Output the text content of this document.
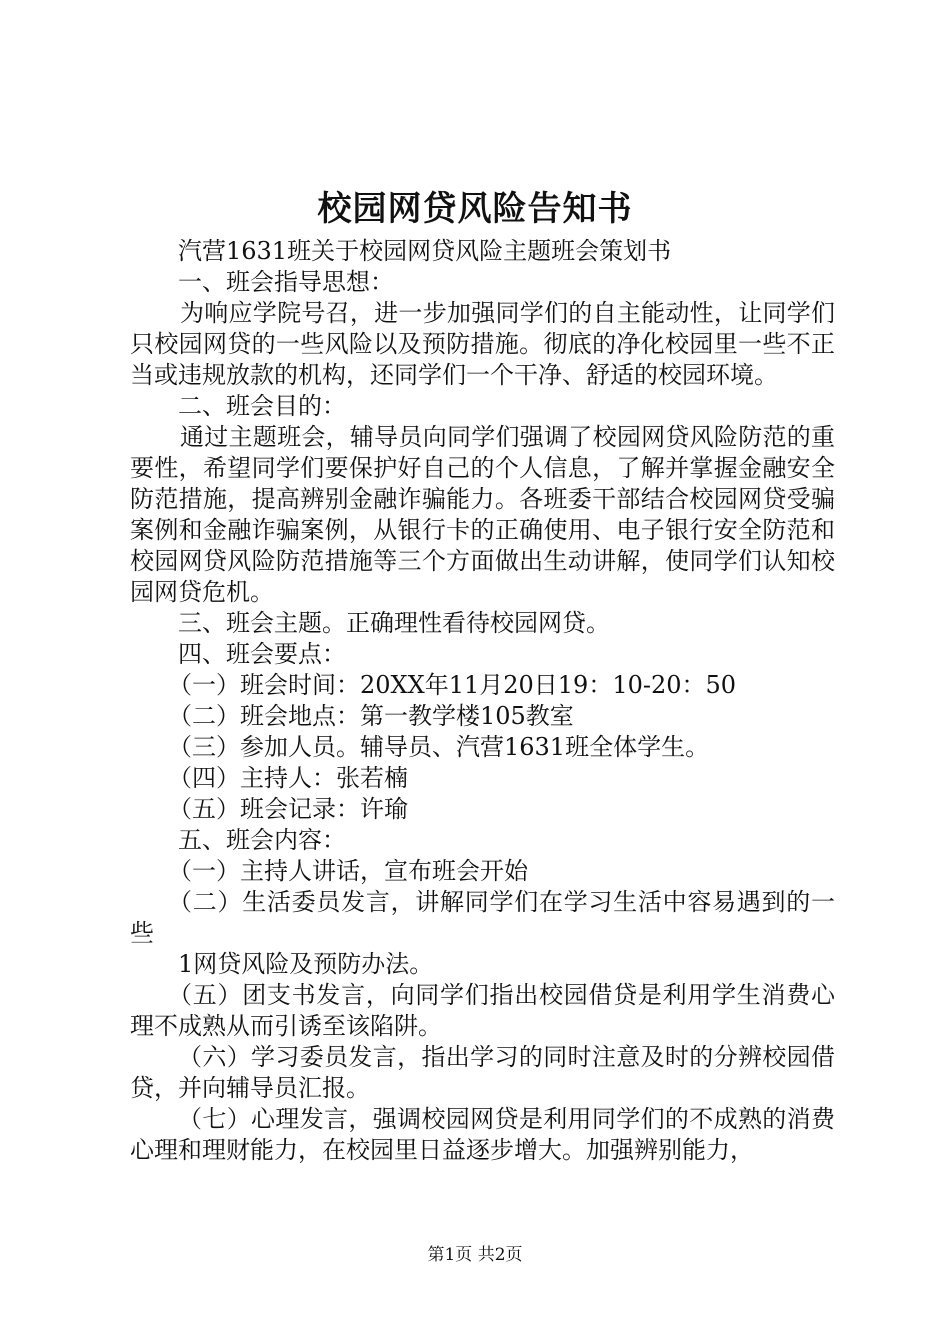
校园网贷风险告知书

汽营1631班关于校园网贷风险主题班会策划书

一、班会指导思想：

为响应学院号召，进一步加强同学们的自主能动性，让同学们只校园网贷的一些风险以及预防措施。彻底的净化校园里一些不正当或违规放款的机构，还同学们一个干净、舒适的校园环境。

二、班会目的：

通过主题班会，辅导员向同学们强调了校园网贷风险防范的重要性，希望同学们要保护好自己的个人信息，了解并掌握金融安全防范措施，提高辨别金融诈骗能力。各班委干部结合校园网贷受骗案例和金融诈骗案例，从银行卡的正确使用、电子银行安全防范和校园网贷风险防范措施等三个方面做出生动讲解，使同学们认知校园网贷危机。

三、班会主题。正确理性看待校园网贷。

四、班会要点：

（一）班会时间：20XX年11月20日19：10-20：50

（二）班会地点：第一教学楼105教室

（三）参加人员。辅导员、汽营1631班全体学生。

（四）主持人：张若楠

（五）班会记录：许瑜

五、班会内容：

（一）主持人讲话，宣布班会开始

（二）生活委员发言，讲解同学们在学习生活中容易遇到的一些

1网贷风险及预防办法。

（五）团支书发言，向同学们指出校园借贷是利用学生消费心理不成熟从而引诱至该陷阱。

（六）学习委员发言，指出学习的同时注意及时的分辨校园借贷，并向辅导员汇报。

（七）心理发言，强调校园网贷是利用同学们的不成熟的消费心理和理财能力，在校园里日益逐步增大。加强辨别能力，

第1页 共2页
